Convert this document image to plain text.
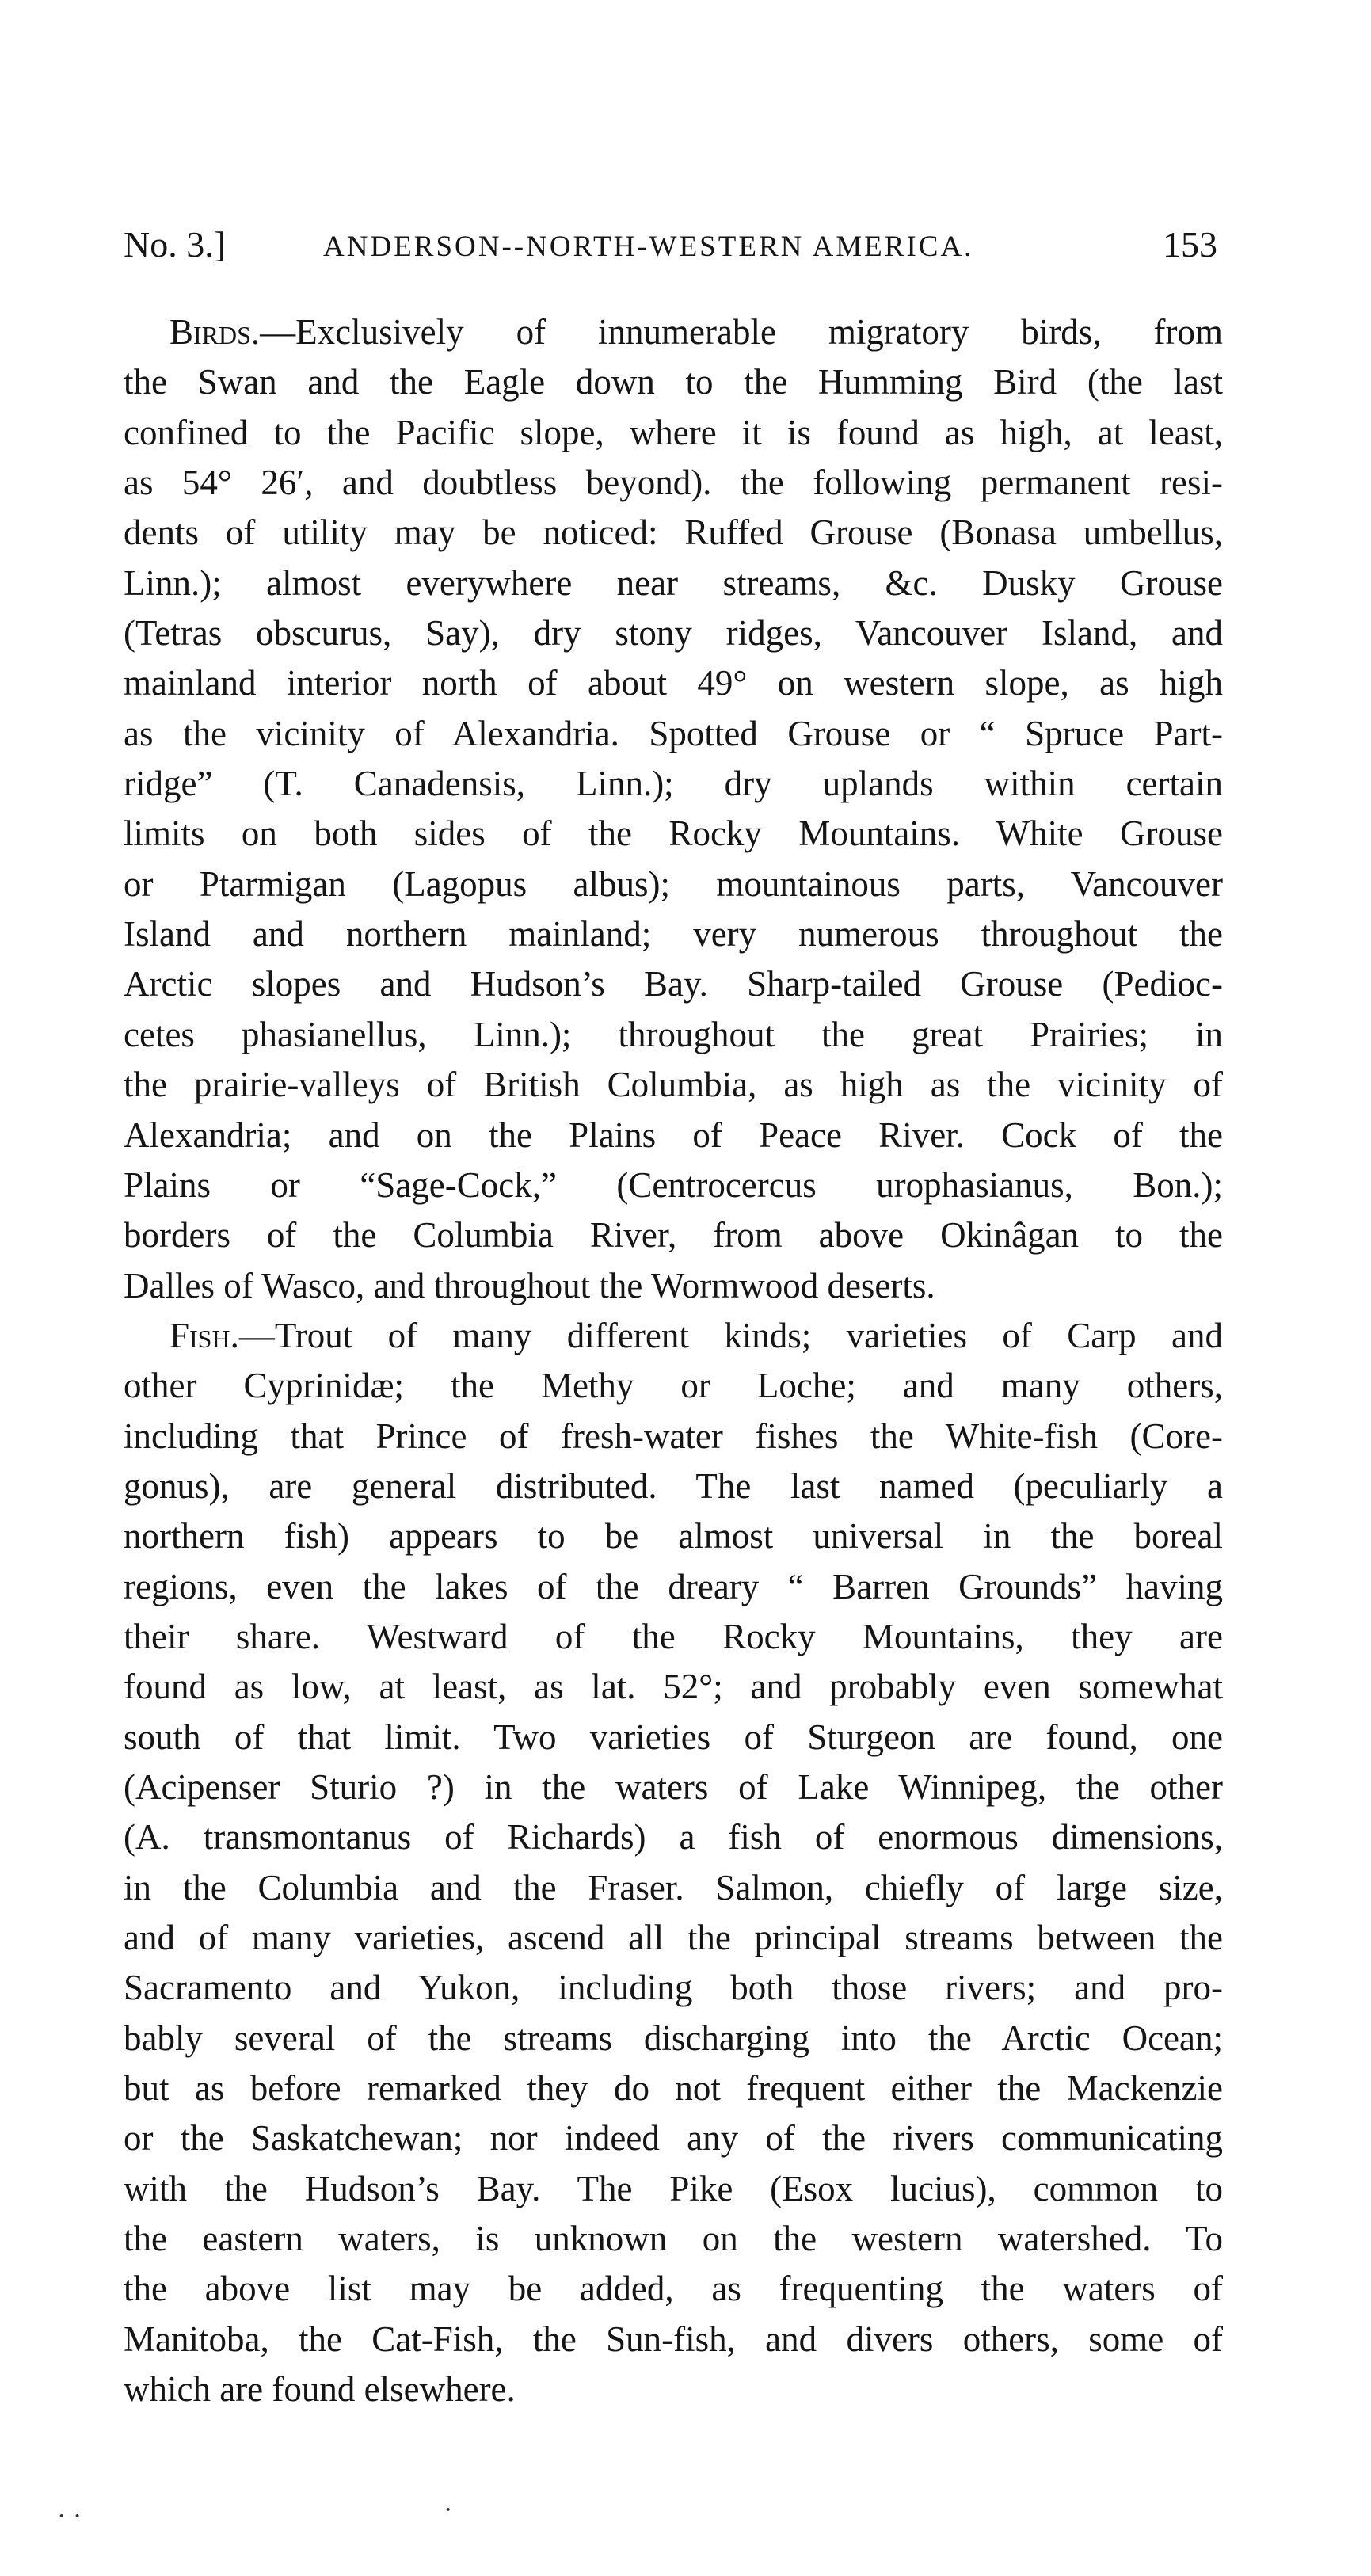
No. 3.]	ANDERSON--NORTH-WESTERN AMERICA.	153
Birds.—Exclusively of innumerable migratory birds, from
the Swan and the Eagle down to the Humming Bird (the last
confined to the Pacific slope, where it is found as high, at least,
as 54° 26′, and doubtless beyond). the following permanent resi-
dents of utility may be noticed: Ruffed Grouse (Bonasa umbellus,
Linn.); almost everywhere near streams, &c. Dusky Grouse
(Tetras obscurus, Say), dry stony ridges, Vancouver Island, and
mainland interior north of about 49° on western slope, as high
as the vicinity of Alexandria. Spotted Grouse or “ Spruce Part-
ridge” (T. Canadensis, Linn.); dry uplands within certain
limits on both sides of the Rocky Mountains. White Grouse
or Ptarmigan (Lagopus albus); mountainous parts, Vancouver
Island and northern mainland; very numerous throughout the
Arctic slopes and Hudson’s Bay. Sharp-tailed Grouse (Pedioc-
cetes phasianellus, Linn.); throughout the great Prairies; in
the prairie-valleys of British Columbia, as high as the vicinity of
Alexandria; and on the Plains of Peace River. Cock of the
Plains or “Sage-Cock,” (Centrocercus urophasianus, Bon.);
borders of the Columbia River, from above Okinâgan to the
Dalles of Wasco, and throughout the Wormwood deserts.
Fish.—Trout of many different kinds; varieties of Carp and
other Cyprinidæ; the Methy or Loche; and many others,
including that Prince of fresh-water fishes the White-fish (Core-
gonus), are general distributed. The last named (peculiarly a
northern fish) appears to be almost universal in the boreal
regions, even the lakes of the dreary “ Barren Grounds” having
their share. Westward of the Rocky Mountains, they are
found as low, at least, as lat. 52°; and probably even somewhat
south of that limit. Two varieties of Sturgeon are found, one
(Acipenser Sturio ?) in the waters of Lake Winnipeg, the other
(A. transmontanus of Richards) a fish of enormous dimensions,
in the Columbia and the Fraser. Salmon, chiefly of large size,
and of many varieties, ascend all the principal streams between the
Sacramento and Yukon, including both those rivers; and pro-
bably several of the streams discharging into the Arctic Ocean;
but as before remarked they do not frequent either the Mackenzie
or the Saskatchewan; nor indeed any of the rivers communicating
with the Hudson’s Bay. The Pike (Esox lucius), common to
the eastern waters, is unknown on the western watershed. To
the above list may be added, as frequenting the waters of
Manitoba, the Cat-Fish, the Sun-fish, and divers others, some of
which are found elsewhere.
· ·	·
